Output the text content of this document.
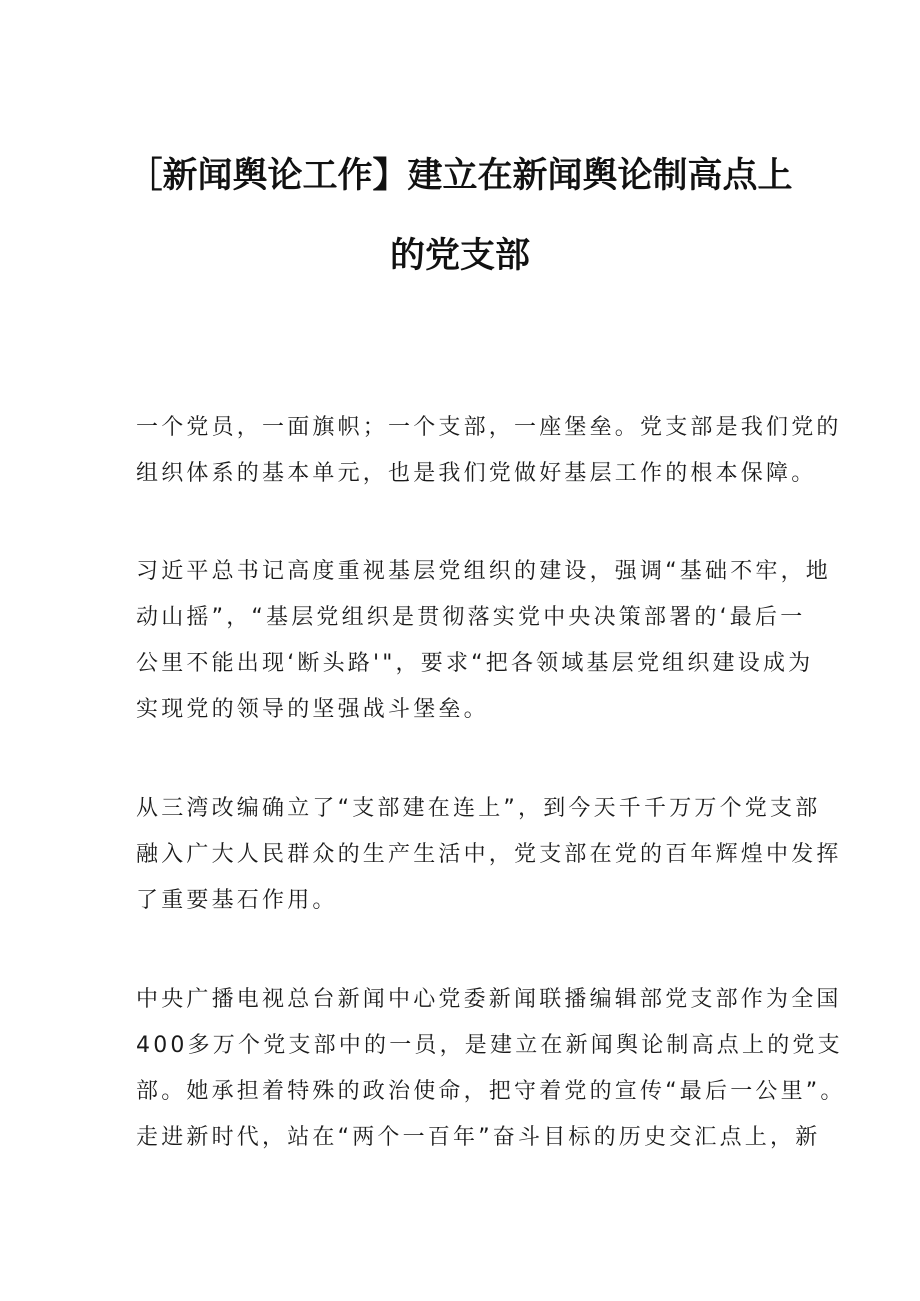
［新闻舆论工作】建立在新闻舆论制高点上
的党支部
一个党员，一面旗帜；一个支部，一座堡垒。党支部是我们党的
组织体系的基本单元，也是我们党做好基层工作的根本保障。
习近平总书记高度重视基层党组织的建设，强调“基础不牢，地
动山摇”，“基层党组织是贯彻落实党中央决策部署的‘最后一
公里不能出现‘断头路'"，要求“把各领域基层党组织建设成为
实现党的领导的坚强战斗堡垒。
从三湾改编确立了“支部建在连上”，到今天千千万万个党支部
融入广大人民群众的生产生活中，党支部在党的百年辉煌中发挥
了重要基石作用。
中央广播电视总台新闻中心党委新闻联播编辑部党支部作为全国
400多万个党支部中的一员，是建立在新闻舆论制高点上的党支
部。她承担着特殊的政治使命，把守着党的宣传“最后一公里”。
走进新时代，站在“两个一百年”奋斗目标的历史交汇点上，新
